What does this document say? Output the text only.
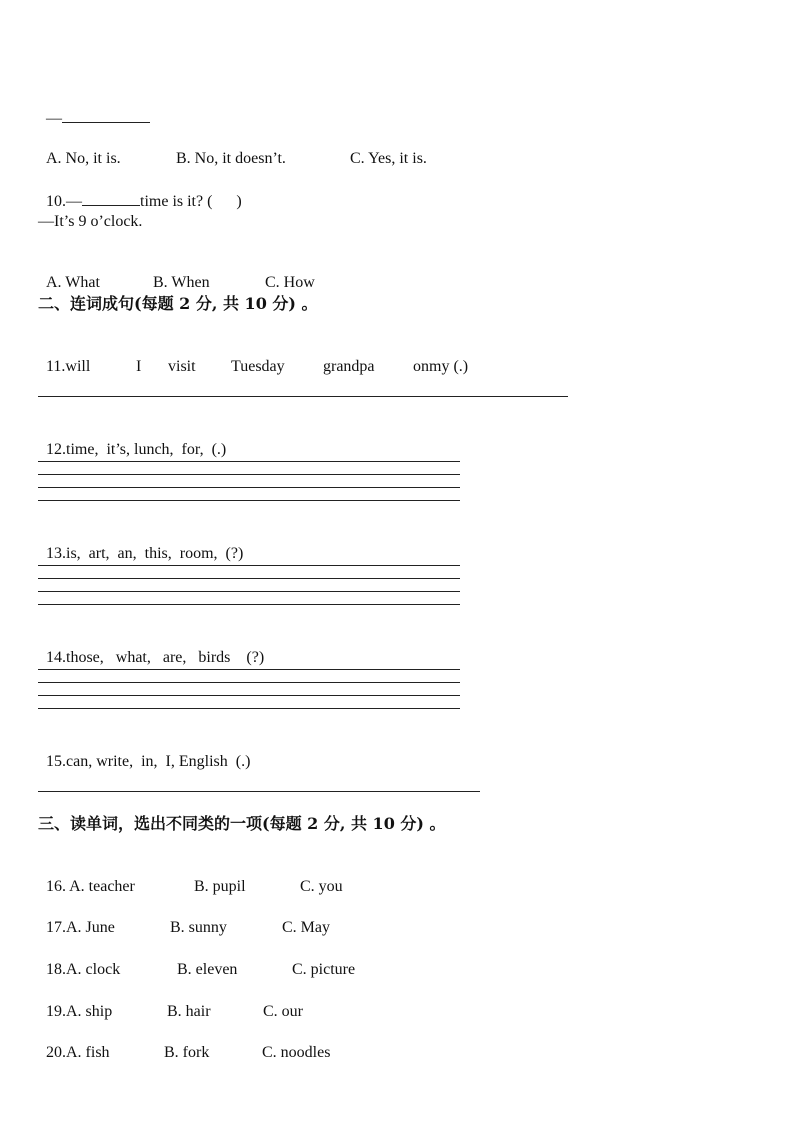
—

A. No, it is.	B. No, it doesn’t.	C. Yes, it is.

10.—	time is it? (      )

—It’s 9 o’clock.

A. What	B. When	C. How

二、连词成句(每题 2 分, 共 10 分) 。

11.will	I visit Tuesday grandpa onmy (.)

12.time,  it’s, lunch,  for,  (.)

13.is,  art,  an,  this,  room,  (?)

14.those,   what,   are,   birds    (?)

15.can, write,  in,  I, English  (.)

三、读单词，选出不同类的一项(每题 2 分, 共 10 分) 。

16. A. teacher	B. pupil	C. you

17.A. June	B. sunny	C. May

18.A. clock	B. eleven	C. picture

19.A. ship	B. hair	C. our

20.A. fish	B. fork	C. noodles
